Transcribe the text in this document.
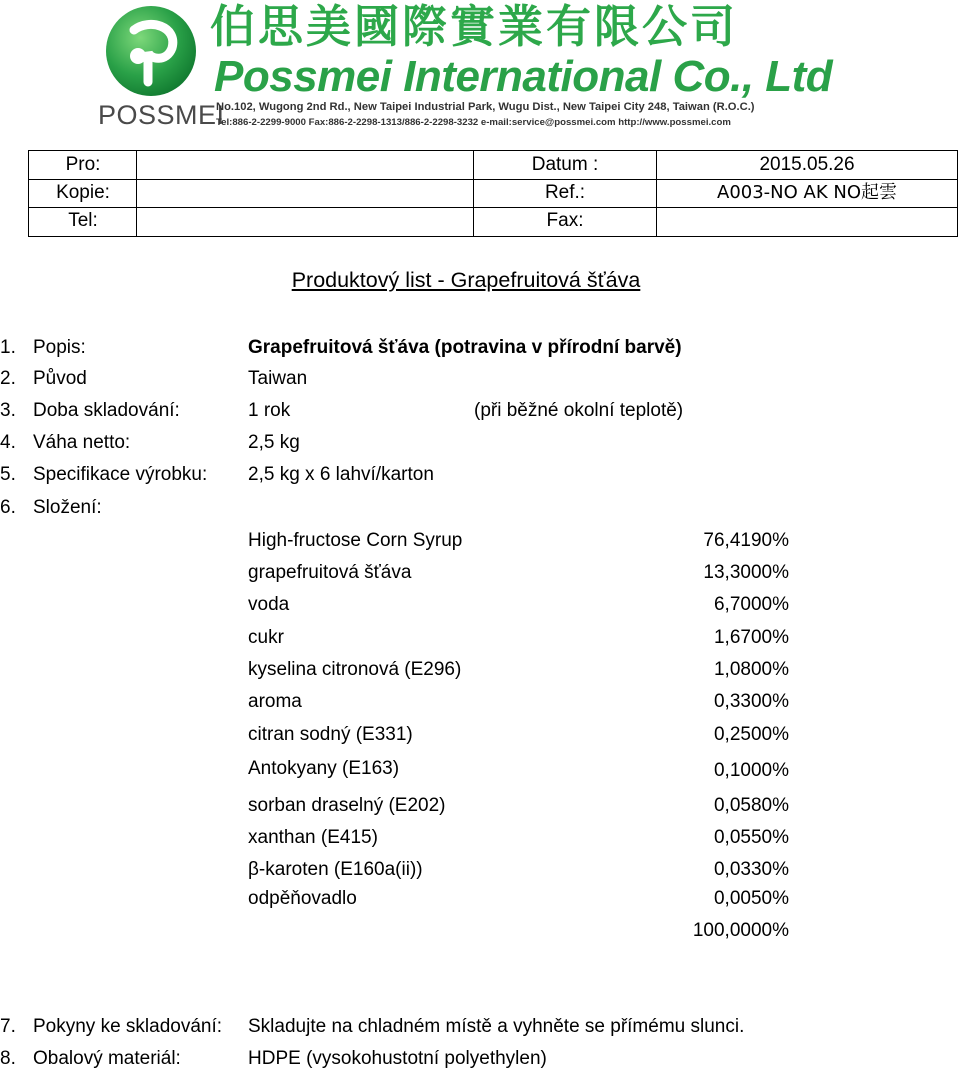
POSSMEI
伯思美國際實業有限公司
Possmei International Co., Ltd
No.102, Wugong 2nd Rd., New Taipei Industrial Park, Wugu Dist., New Taipei City 248, Taiwan (R.O.C.)
Tel:886-2-2299-9000 Fax:886-2-2298-1313/886-2-2298-3232 e-mail:service@possmei.com http://www.possmei.com
Pro:	Datum :	2015.05.26
Kopie:	Ref.:	A003-NO AK NO起雲
Tel:	Fax:
Produktový list - Grapefruitová šťáva
1. Popis:	Grapefruitová šťáva (potravina v přírodní barvě)
2. Původ	Taiwan
3. Doba skladování:	1 rok	(při běžné okolní teplotě)
4. Váha netto:	2,5 kg
5. Specifikace výrobku: 2,5 kg x 6 lahví/karton
6. Složení:
High-fructose Corn Syrup	76,4190%
grapefruitová šťáva	13,3000%
voda	6,7000%
cukr	1,6700%
kyselina citronová (E296)	1,0800%
aroma	0,3300%
citran sodný (E331)	0,2500%
Antokyany (E163)	0,1000%
sorban draselný (E202)	0,0580%
xanthan (E415)	0,0550%
β-karoten (E160a(ii))	0,0330%
odpěňovadlo	0,0050%
100,0000%
7. Pokyny ke skladování: Skladujte na chladném místě a vyhněte se přímému slunci.
8. Obalový materiál:	HDPE (vysokohustotní polyethylen)
